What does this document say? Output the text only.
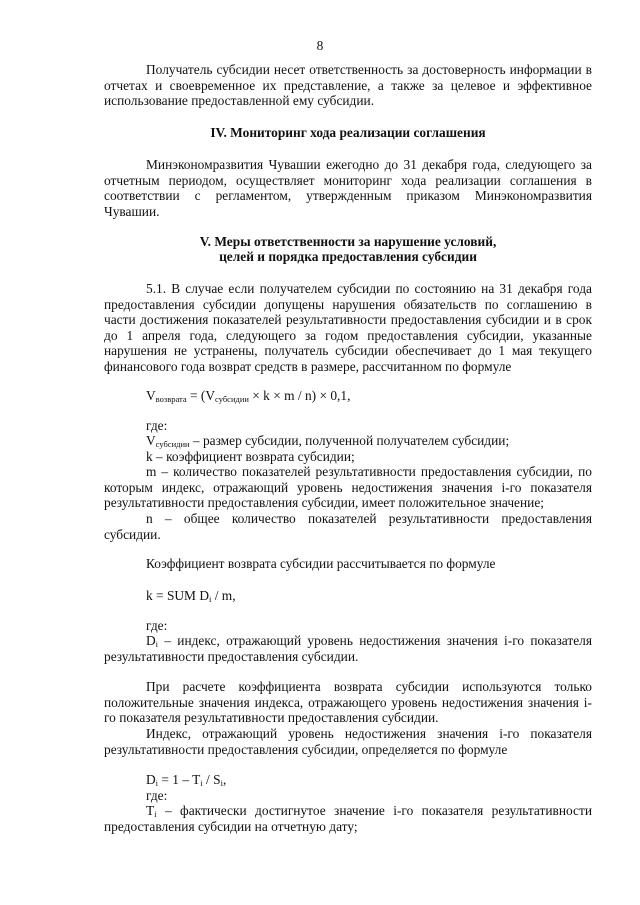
8
Получатель субсидии несет ответственность за достоверность информации в отчетах и своевременное их представление, а также за целевое и эффективное использование предоставленной ему субсидии.
IV. Мониторинг хода реализации соглашения
Минэкономразвития Чувашии ежегодно до 31 декабря года, следующего за отчетным периодом, осуществляет мониторинг хода реализации соглашения в соответствии с регламентом, утвержденным приказом Минэкономразвития Чувашии.
V. Меры ответственности за нарушение условий,
целей и порядка предоставления субсидии
5.1. В случае если получателем субсидии по состоянию на 31 декабря года предоставления субсидии допущены нарушения обязательств по соглашению в части достижения показателей результативности предоставления субсидии и в срок до 1 апреля года, следующего за годом предоставления субсидии, указанные нарушения не устранены, получатель субсидии обеспечивает до 1 мая текущего финансового года возврат средств в размере, рассчитанном по формуле
$V_{возврата} = (V_{субсидии} \times k \times m / n) \times 0,1$,
где:
$V_{субсидии}$ – размер субсидии, полученной получателем субсидии;
k – коэффициент возврата субсидии;
m – количество показателей результативности предоставления субсидии, по которым индекс, отражающий уровень недостижения значения i-го показателя результативности предоставления субсидии, имеет положительное значение;
n – общее количество показателей результативности предоставления субсидии.
Коэффициент возврата субсидии рассчитывается по формуле
k = SUM $D_i$ / m,
где:
$D_i$ – индекс, отражающий уровень недостижения значения i-го показателя результативности предоставления субсидии.
При расчете коэффициента возврата субсидии используются только положительные значения индекса, отражающего уровень недостижения значения i-го показателя результативности предоставления субсидии.
Индекс, отражающий уровень недостижения значения i-го показателя результативности предоставления субсидии, определяется по формуле
$D_i = 1 - T_i / S_i$,
где:
$T_i$ – фактически достигнутое значение i-го показателя результативности предоставления субсидии на отчетную дату;
